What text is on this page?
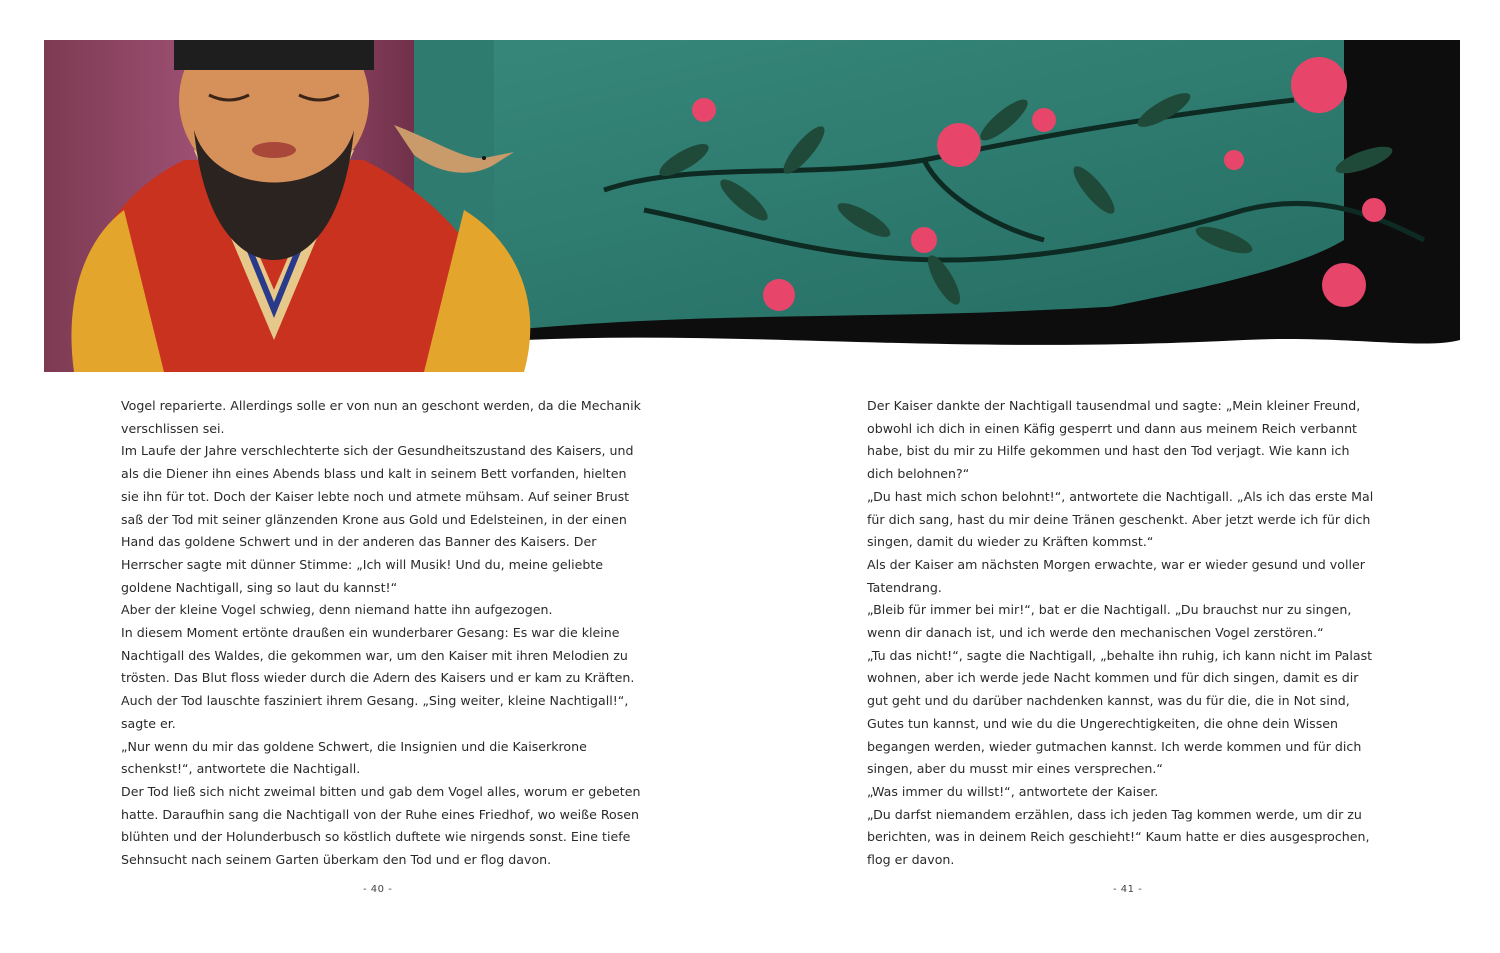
Vogel reparierte. Allerdings solle er von nun an geschont werden, da die Mechanik verschlissen sei.

Im Laufe der Jahre verschlechterte sich der Gesundheitszustand des Kaisers, und als die Diener ihn eines Abends blass und kalt in seinem Bett vorfanden, hielten sie ihn für tot. Doch der Kaiser lebte noch und atmete mühsam. Auf seiner Brust saß der Tod mit seiner glänzenden Krone aus Gold und Edelsteinen, in der einen Hand das goldene Schwert und in der anderen das Banner des Kaisers. Der Herrscher sagte mit dünner Stimme: „Ich will Musik! Und du, meine geliebte goldene Nachtigall, sing so laut du kannst!“

Aber der kleine Vogel schwieg, denn niemand hatte ihn aufgezogen.

In diesem Moment ertönte draußen ein wunderbarer Gesang: Es war die kleine Nachtigall des Waldes, die gekommen war, um den Kaiser mit ihren Melodien zu trösten. Das Blut floss wieder durch die Adern des Kaisers und er kam zu Kräften. Auch der Tod lauschte fasziniert ihrem Gesang. „Sing weiter, kleine Nachtigall!“, sagte er.

„Nur wenn du mir das goldene Schwert, die Insignien und die Kaiserkrone schenkst!“, antwortete die Nachtigall.

Der Tod ließ sich nicht zweimal bitten und gab dem Vogel alles, worum er gebeten hatte. Daraufhin sang die Nachtigall von der Ruhe eines Friedhof, wo weiße Rosen blühten und der Holunderbusch so köstlich duftete wie nirgends sonst. Eine tiefe Sehnsucht nach seinem Garten überkam den Tod und er flog davon.

Der Kaiser dankte der Nachtigall tausendmal und sagte: „Mein kleiner Freund, obwohl ich dich in einen Käfig gesperrt und dann aus meinem Reich verbannt habe, bist du mir zu Hilfe gekommen und hast den Tod verjagt. Wie kann ich dich belohnen?“

„Du hast mich schon belohnt!“, antwortete die Nachtigall. „Als ich das erste Mal für dich sang, hast du mir deine Tränen geschenkt. Aber jetzt werde ich für dich singen, damit du wieder zu Kräften kommst.“

Als der Kaiser am nächsten Morgen erwachte, war er wieder gesund und voller Tatendrang.

„Bleib für immer bei mir!“, bat er die Nachtigall. „Du brauchst nur zu singen, wenn dir danach ist, und ich werde den mechanischen Vogel zerstören.“

„Tu das nicht!“, sagte die Nachtigall, „behalte ihn ruhig, ich kann nicht im Palast wohnen, aber ich werde jede Nacht kommen und für dich singen, damit es dir gut geht und du darüber nachdenken kannst, was du für die, die in Not sind, Gutes tun kannst, und wie du die Ungerechtigkeiten, die ohne dein Wissen begangen werden, wieder gutmachen kannst. Ich werde kommen und für dich singen, aber du musst mir eines versprechen.“

„Was immer du willst!“, antwortete der Kaiser.

„Du darfst niemandem erzählen, dass ich jeden Tag kommen werde, um dir zu berichten, was in deinem Reich geschieht!“ Kaum hatte er dies ausgesprochen, flog er davon.

- 40 -	- 41 -
